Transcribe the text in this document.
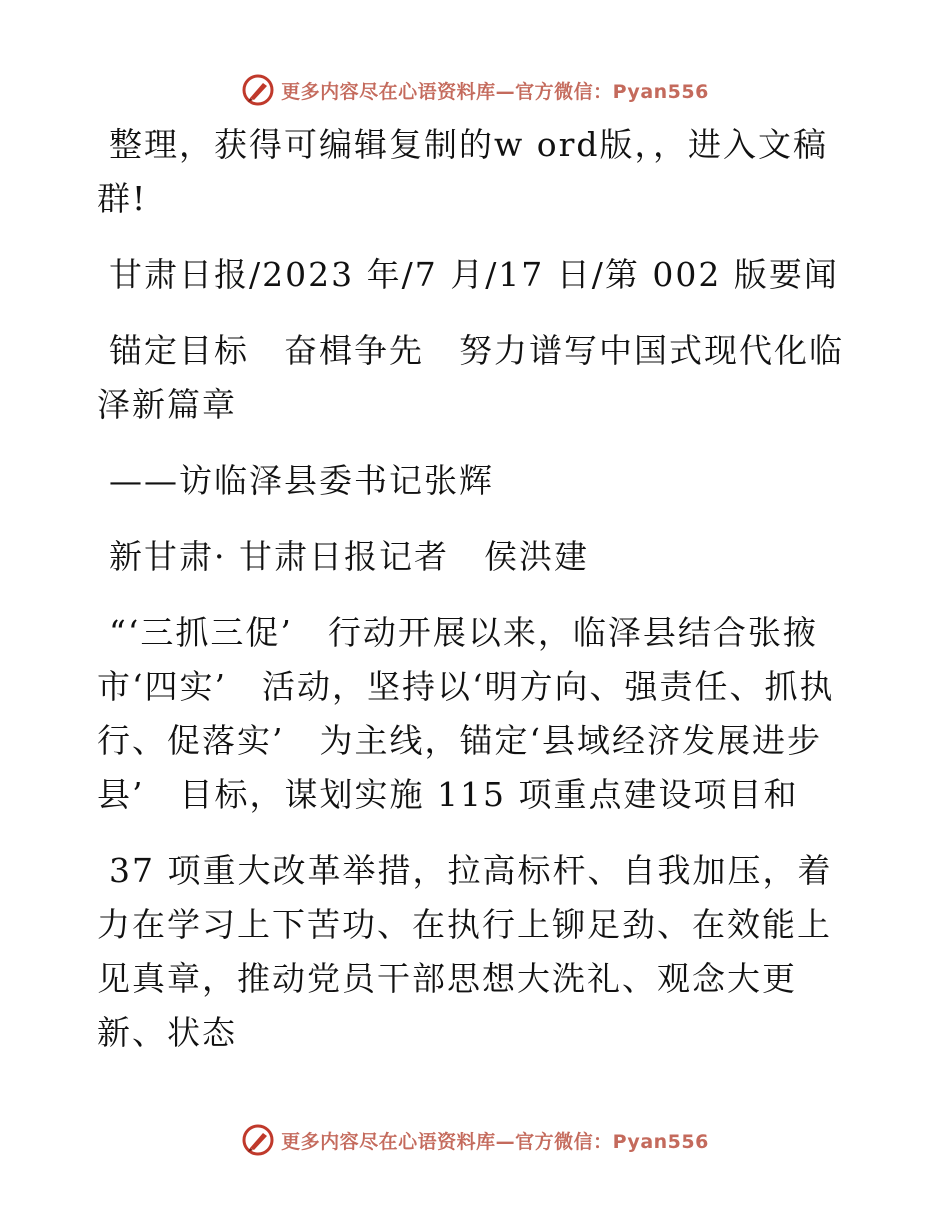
更多内容尽在心语资料库—官方微信：Pyan556

整理，获得可编辑复制的w ord版，，进入文稿群!

甘肃日报/2023 年/7 月/17 日/第 002 版要闻

锚定目标　奋楫争先　努力谱写中国式现代化临泽新篇章

——访临泽县委书记张辉

新甘肃· 甘肃日报记者　侯洪建

“‘三抓三促’　行动开展以来，临泽县结合张掖市‘四实’　活动，坚持以‘明方向、强责任、抓执行、促落实’　为主线，锚定‘县域经济发展进步县’　目标，谋划实施 115 项重点建设项目和

37 项重大改革举措，拉高标杆、自我加压，着力在学习上下苦功、在执行上铆足劲、在效能上见真章，推动党员干部思想大洗礼、观念大更新、状态

更多内容尽在心语资料库—官方微信：Pyan556
